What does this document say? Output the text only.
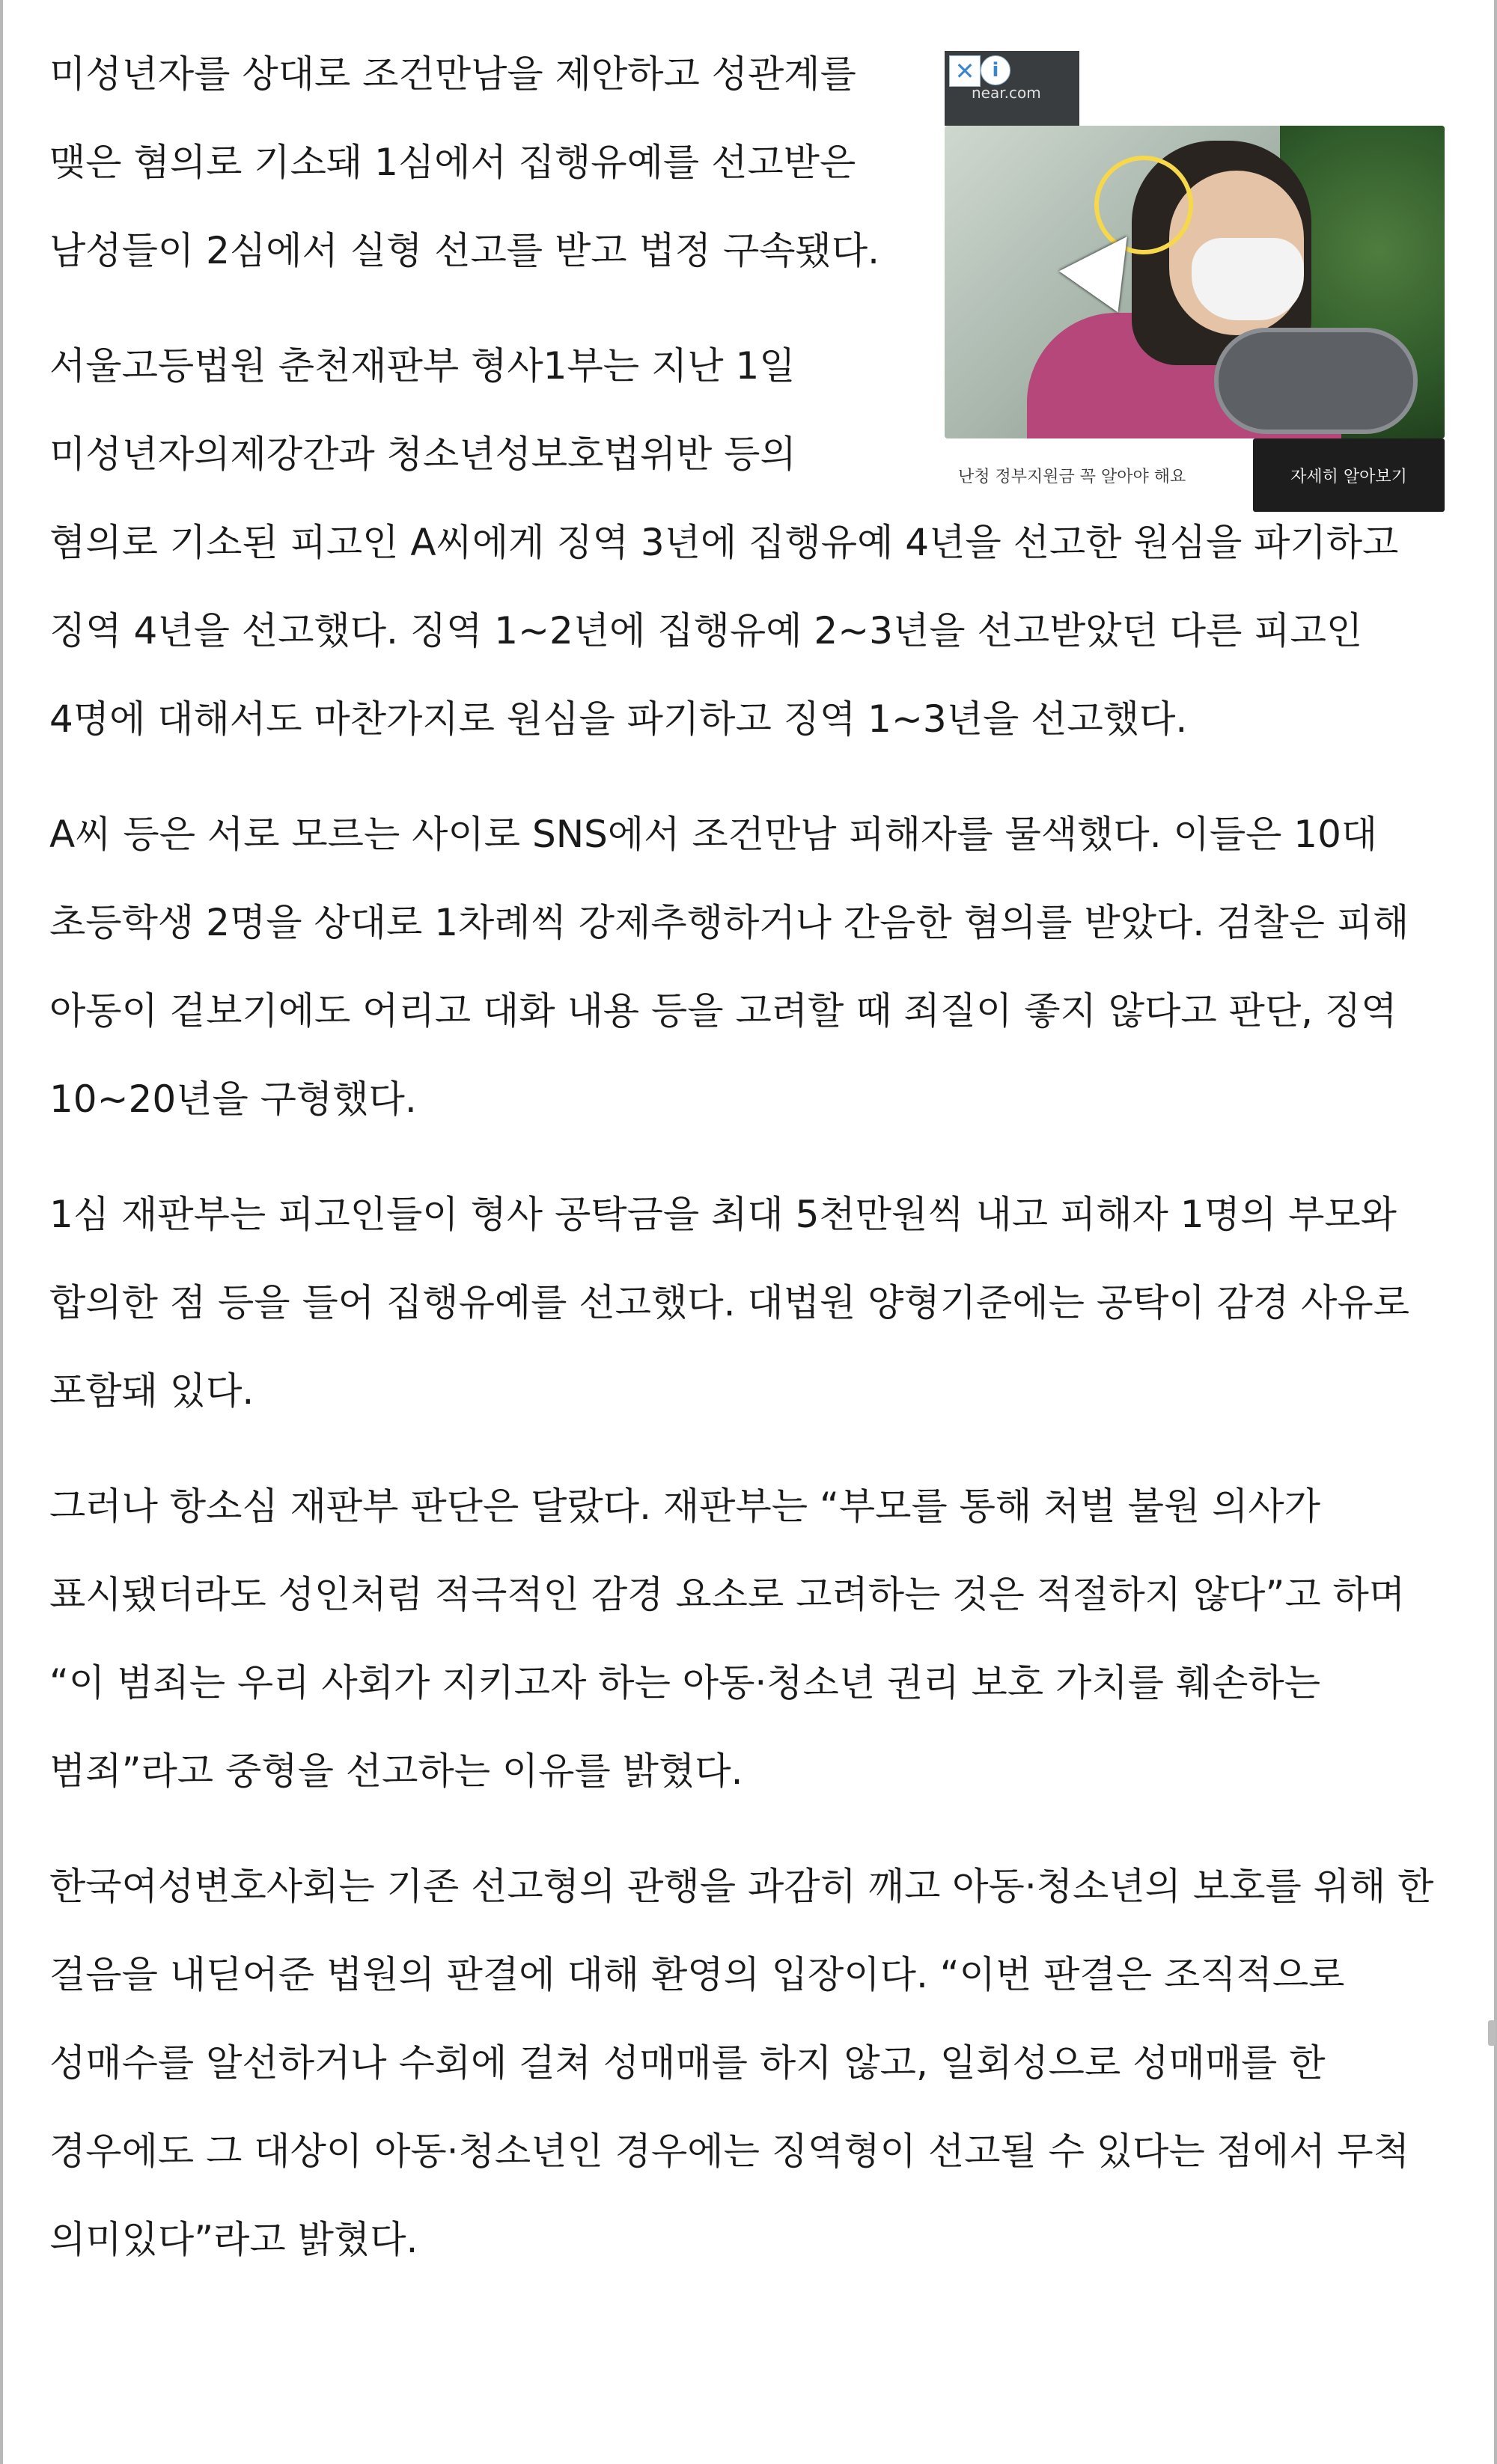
✕ i
near.com
난청 정부지원금 꼭 알아야 해요	자세히 알아보기

미성년자를 상대로 조건만남을 제안하고 성관계를 맺은 혐의로 기소돼 1심에서 집행유예를 선고받은 남성들이 2심에서 실형 선고를 받고 법정 구속됐다.

서울고등법원 춘천재판부 형사1부는 지난 1일 미성년자의제강간과 청소년성보호법위반 등의 혐의로 기소된 피고인 A씨에게 징역 3년에 집행유예 4년을 선고한 원심을 파기하고 징역 4년을 선고했다. 징역 1~2년에 집행유예 2~3년을 선고받았던 다른 피고인 4명에 대해서도 마찬가지로 원심을 파기하고 징역 1~3년을 선고했다.

A씨 등은 서로 모르는 사이로 SNS에서 조건만남 피해자를 물색했다. 이들은 10대 초등학생 2명을 상대로 1차례씩 강제추행하거나 간음한 혐의를 받았다. 검찰은 피해 아동이 겉보기에도 어리고 대화 내용 등을 고려할 때 죄질이 좋지 않다고 판단, 징역 10~20년을 구형했다.

1심 재판부는 피고인들이 형사 공탁금을 최대 5천만원씩 내고 피해자 1명의 부모와 합의한 점 등을 들어 집행유예를 선고했다. 대법원 양형기준에는 공탁이 감경 사유로 포함돼 있다.

그러나 항소심 재판부 판단은 달랐다. 재판부는 “부모를 통해 처벌 불원 의사가 표시됐더라도 성인처럼 적극적인 감경 요소로 고려하는 것은 적절하지 않다”고 하며 “이 범죄는 우리 사회가 지키고자 하는 아동·청소년 권리 보호 가치를 훼손하는 범죄”라고 중형을 선고하는 이유를 밝혔다.

한국여성변호사회는 기존 선고형의 관행을 과감히 깨고 아동·청소년의 보호를 위해 한 걸음을 내딛어준 법원의 판결에 대해 환영의 입장이다. “이번 판결은 조직적으로 성매수를 알선하거나 수회에 걸쳐 성매매를 하지 않고, 일회성으로 성매매를 한 경우에도 그 대상이 아동·청소년인 경우에는 징역형이 선고될 수 있다는 점에서 무척 의미있다”라고 밝혔다.
